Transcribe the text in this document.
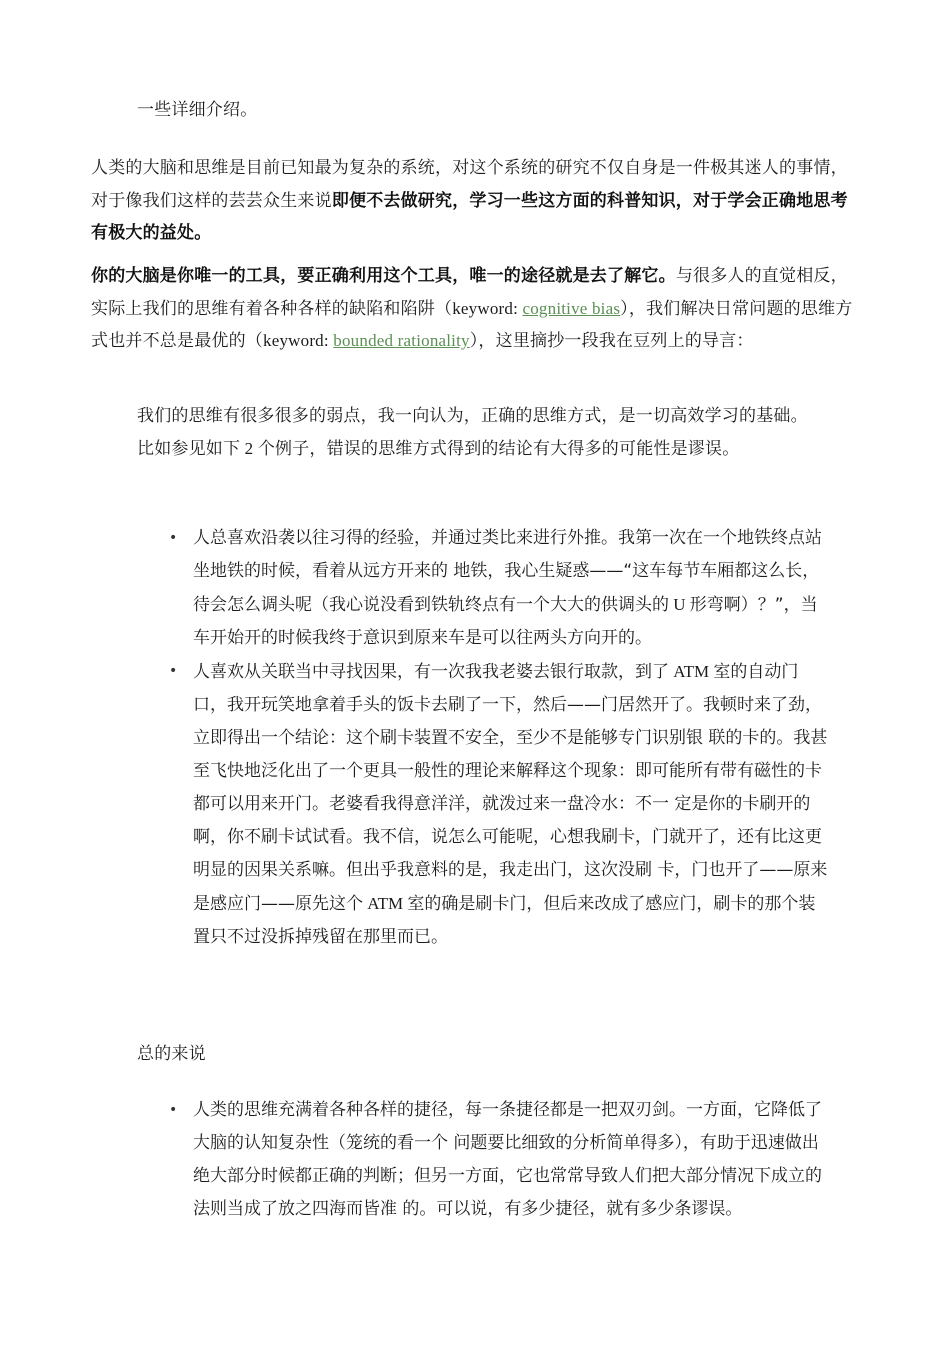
一些详细介绍。
人类的大脑和思维是目前已知最为复杂的系统，对这个系统的研究不仅自身是一件极其迷人的事情，对于像我们这样的芸芸众生来说即便不去做研究，学习一些这方面的科普知识，对于学会正确地思考有极大的益处。
你的大脑是你唯一的工具，要正确利用这个工具，唯一的途径就是去了解它。与很多人的直觉相反，实际上我们的思维有着各种各样的缺陷和陷阱（keyword: cognitive bias），我们解决日常问题的思维方式也并不总是最优的（keyword: bounded rationality），这里摘抄一段我在豆列上的导言：
我们的思维有很多很多的弱点，我一向认为，正确的思维方式，是一切高效学习的基础。比如参见如下 2 个例子，错误的思维方式得到的结论有大得多的可能性是谬误。
• 人总喜欢沿袭以往习得的经验，并通过类比来进行外推。我第一次在一个地铁终点站坐地铁的时候，看着从远方开来的 地铁，我心生疑惑——“这车每节车厢都这么长，待会怎么调头呢（我心说没看到铁轨终点有一个大大的供调头的 U 形弯啊）？”，当车开始开的时候我终于意识到原来车是可以往两头方向开的。
• 人喜欢从关联当中寻找因果，有一次我我老婆去银行取款，到了 ATM 室的自动门口，我开玩笑地拿着手头的饭卡去刷了一下，然后——门居然开了。我顿时来了劲，立即得出一个结论：这个刷卡装置不安全，至少不是能够专门识别银 联的卡的。我甚至飞快地泛化出了一个更具一般性的理论来解释这个现象：即可能所有带有磁性的卡都可以用来开门。老婆看我得意洋洋，就泼过来一盘冷水：不一 定是你的卡刷开的啊，你不刷卡试试看。我不信，说怎么可能呢，心想我刷卡，门就开了，还有比这更明显的因果关系嘛。但出乎我意料的是，我走出门，这次没刷 卡，门也开了——原来是感应门——原先这个 ATM 室的确是刷卡门，但后来改成了感应门，刷卡的那个装置只不过没拆掉残留在那里而已。
总的来说
• 人类的思维充满着各种各样的捷径，每一条捷径都是一把双刃剑。一方面，它降低了大脑的认知复杂性（笼统的看一个 问题要比细致的分析简单得多），有助于迅速做出绝大部分时候都正确的判断；但另一方面，它也常常导致人们把大部分情况下成立的法则当成了放之四海而皆准 的。可以说，有多少捷径，就有多少条谬误。
